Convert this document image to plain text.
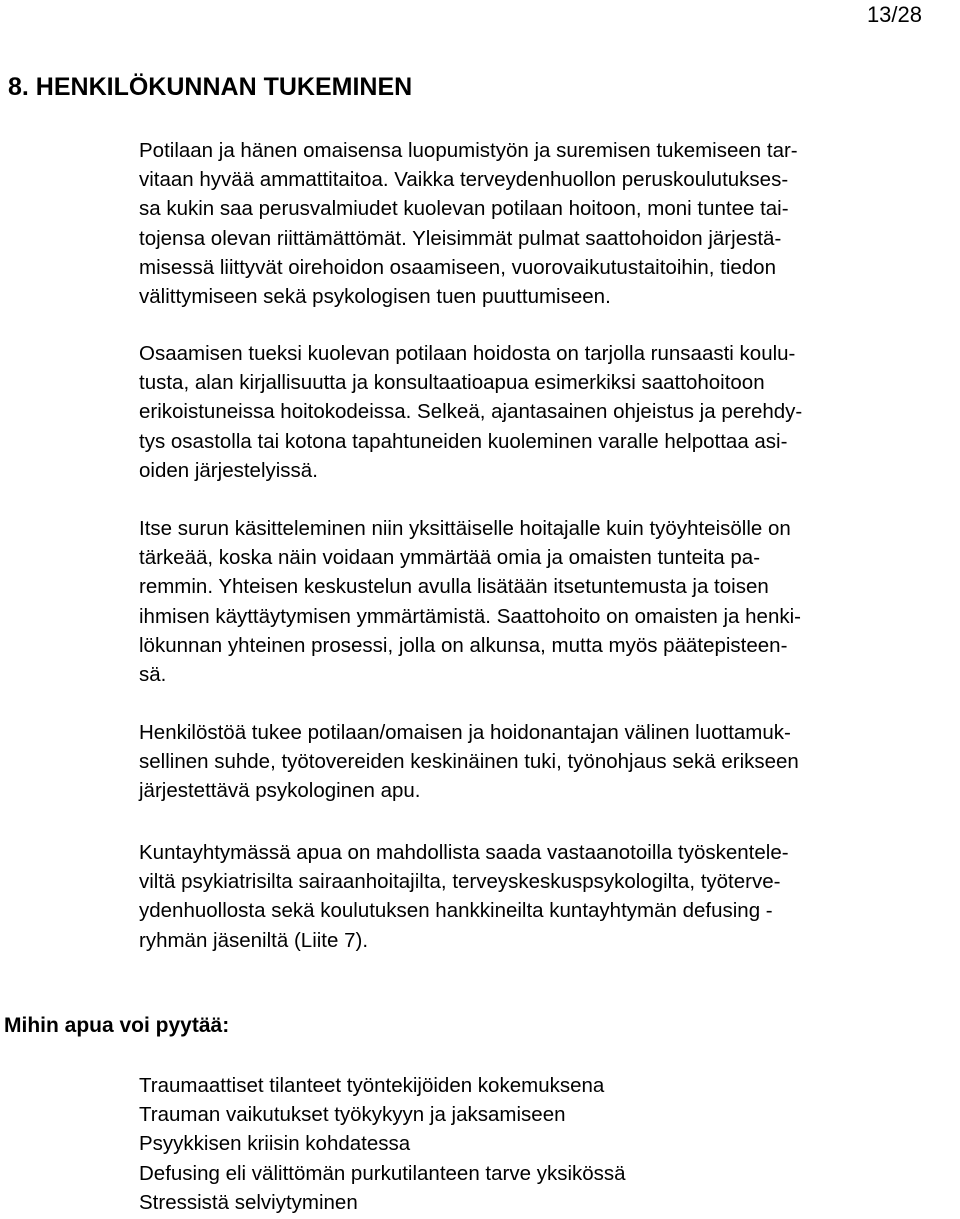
13/28
8. HENKILÖKUNNAN TUKEMINEN

Potilaan ja hänen omaisensa luopumistyön ja suremisen tukemiseen tar-
vitaan hyvää ammattitaitoa. Vaikka terveydenhuollon peruskoulutukses-
sa kukin saa perusvalmiudet kuolevan potilaan hoitoon, moni tuntee tai-
tojensa olevan riittämättömät. Yleisimmät pulmat saattohoidon järjestä-
misessä liittyvät oirehoidon osaamiseen, vuorovaikutustaitoihin, tiedon
välittymiseen sekä psykologisen tuen puuttumiseen.

Osaamisen tueksi kuolevan potilaan hoidosta on tarjolla runsaasti koulu-
tusta, alan kirjallisuutta ja konsultaatioapua esimerkiksi saattohoitoon
erikoistuneissa hoitokodeissa. Selkeä, ajantasainen ohjeistus ja perehdy-
tys osastolla tai kotona tapahtuneiden kuoleminen varalle helpottaa asi-
oiden järjestelyissä.

Itse surun käsitteleminen niin yksittäiselle hoitajalle kuin työyhteisölle on
tärkeää, koska näin voidaan ymmärtää omia ja omaisten tunteita pa-
remmin. Yhteisen keskustelun avulla lisätään itsetuntemusta ja toisen
ihmisen käyttäytymisen ymmärtämistä. Saattohoito on omaisten ja henki-
lökunnan yhteinen prosessi, jolla on alkunsa, mutta myös päätepisteen-
sä.

Henkilöstöä tukee potilaan/omaisen ja hoidonantajan välinen luottamuk-
sellinen suhde, työtovereiden keskinäinen tuki, työnohjaus sekä erikseen
järjestettävä psykologinen apu.

Kuntayhtymässä apua on mahdollista saada vastaanotoilla työskentele-
viltä psykiatrisilta sairaanhoitajilta, terveyskeskuspsykologilta, työterve-
ydenhuollosta sekä koulutuksen hankkineilta kuntayhtymän defusing -
ryhmän jäseniltä (Liite 7).

Mihin apua voi pyytää:
Traumaattiset tilanteet työntekijöiden kokemuksena
Trauman vaikutukset työkykyyn ja jaksamiseen
Psyykkisen kriisin kohdatessa
Defusing eli välittömän purkutilanteen tarve yksikössä
Stressistä selviytyminen
